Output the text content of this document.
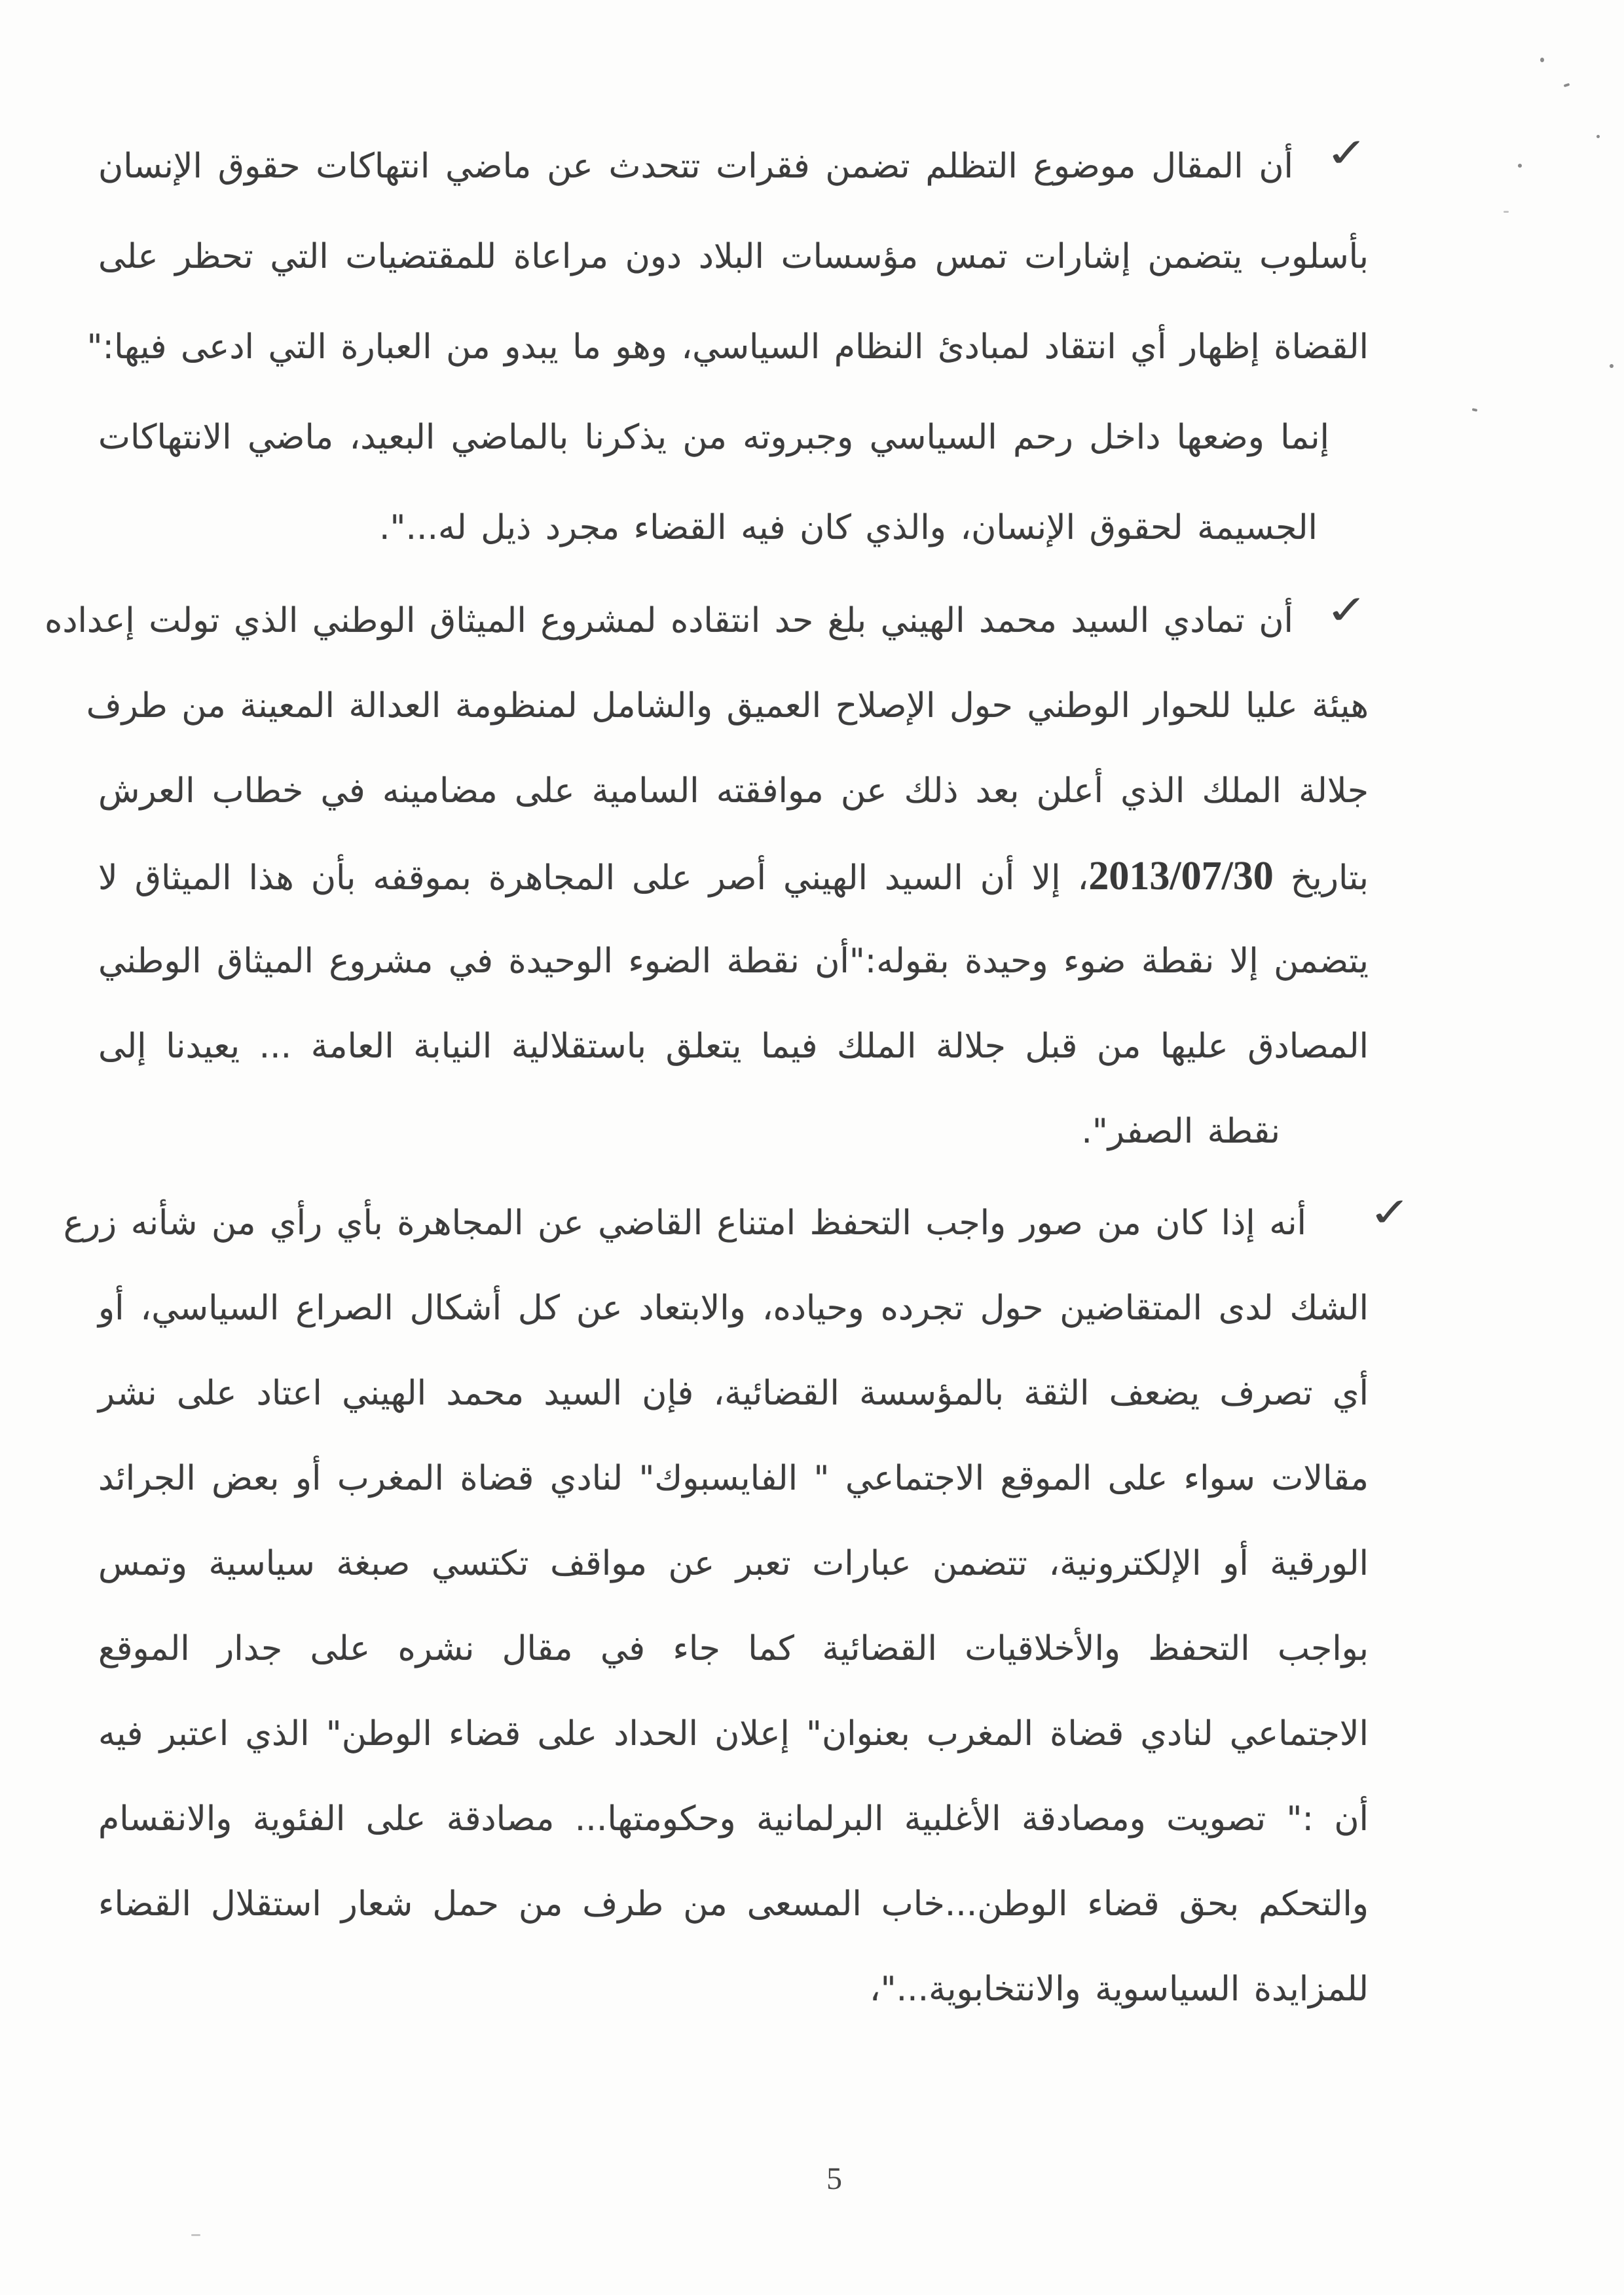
✓
أن المقال موضوع التظلم تضمن فقرات تتحدث عن ماضي انتهاكات حقوق الإنسان
بأسلوب يتضمن إشارات تمس مؤسسات البلاد دون مراعاة للمقتضيات التي تحظر على
القضاة إظهار أي انتقاد لمبادئ النظام السياسي، وهو ما يبدو من العبارة التي ادعى فيها:"
إنما وضعها داخل رحم السياسي وجبروته من يذكرنا بالماضي البعيد، ماضي الانتهاكات
الجسيمة لحقوق الإنسان، والذي كان فيه القضاء مجرد ذيل له...".
✓
أن تمادي السيد محمد الهيني بلغ حد انتقاده لمشروع الميثاق الوطني الذي تولت إعداده
هيئة عليا للحوار الوطني حول الإصلاح العميق والشامل لمنظومة العدالة المعينة من طرف
جلالة الملك الذي أعلن بعد ذلك عن موافقته السامية على مضامينه في خطاب العرش
بتاريخ 2013/07/30، إلا أن السيد الهيني أصر على المجاهرة بموقفه بأن هذا الميثاق لا
يتضمن إلا نقطة ضوء وحيدة بقوله:"أن نقطة الضوء الوحيدة في مشروع الميثاق الوطني
المصادق عليها من قبل جلالة الملك فيما يتعلق باستقلالية النيابة العامة ... يعيدنا إلى
نقطة الصفر".
✓
أنه إذا كان من صور واجب التحفظ امتناع القاضي عن المجاهرة بأي رأي من شأنه زرع
الشك لدى المتقاضين حول تجرده وحياده، والابتعاد عن كل أشكال الصراع السياسي، أو
أي تصرف يضعف الثقة بالمؤسسة القضائية، فإن السيد محمد الهيني اعتاد على نشر
مقالات سواء على الموقع الاجتماعي " الفايسبوك" لنادي قضاة المغرب أو بعض الجرائد
الورقية أو الإلكترونية، تتضمن عبارات تعبر عن مواقف تكتسي صبغة سياسية وتمس
بواجب التحفظ والأخلاقيات القضائية كما جاء في مقال نشره على جدار الموقع
الاجتماعي لنادي قضاة المغرب بعنوان" إعلان الحداد على قضاء الوطن" الذي اعتبر فيه
أن :" تصويت ومصادقة الأغلبية البرلمانية وحكومتها... مصادقة على الفئوية والانقسام
والتحكم بحق قضاء الوطن...خاب المسعى من طرف من حمل شعار استقلال القضاء
للمزايدة السياسوية والانتخابوية..."،
5
